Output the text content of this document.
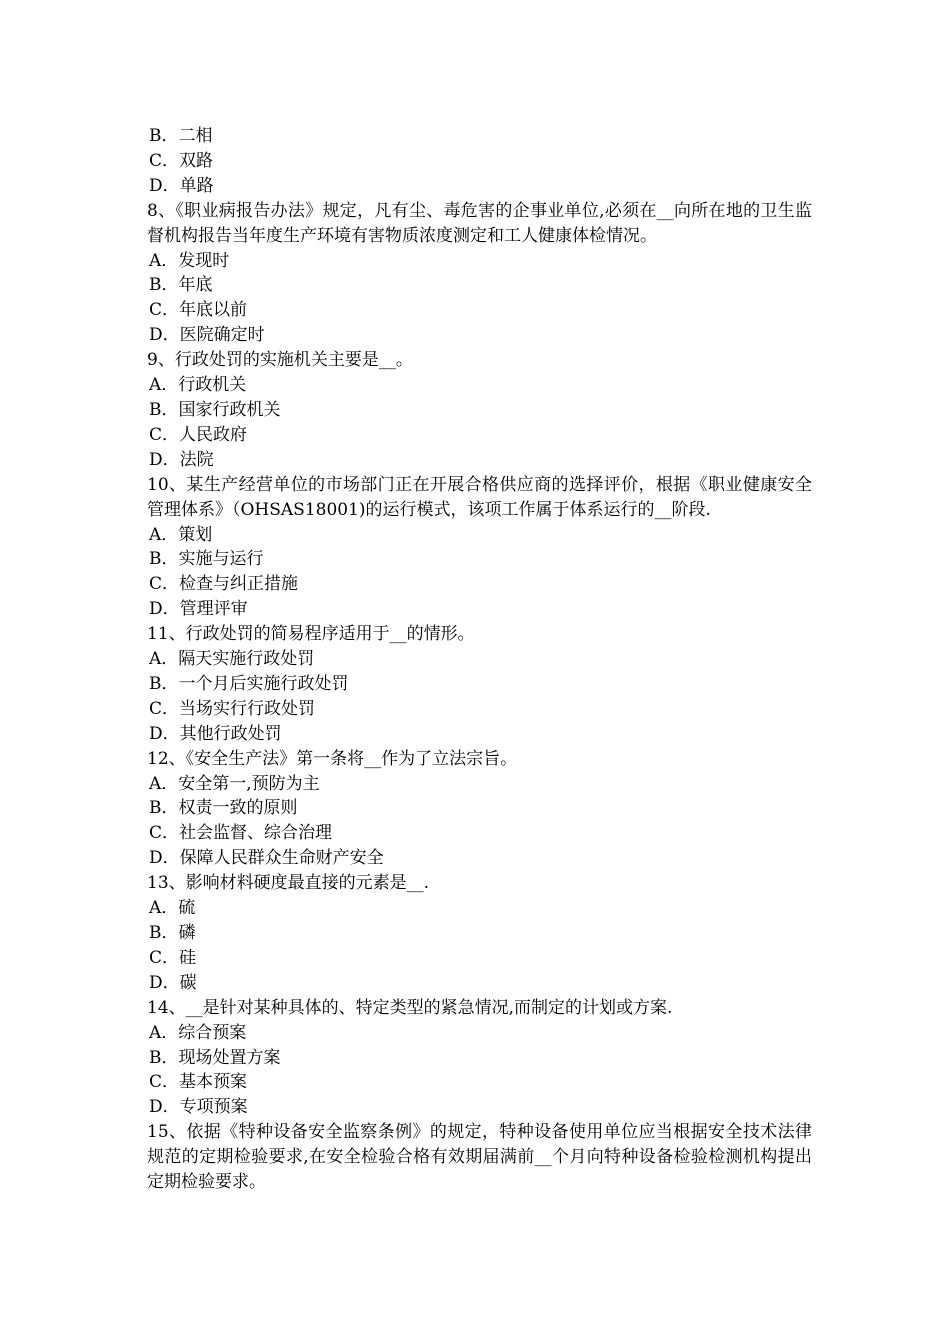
B．二相

C．双路

D．单路

8、《职业病报告办法》规定，凡有尘、毒危害的企事业单位,必须在__向所在地的卫生监督机构报告当年度生产环境有害物质浓度测定和工人健康体检情况。

A．发现时

B．年底

C．年底以前

D．医院确定时

9、行政处罚的实施机关主要是__。

A．行政机关

B．国家行政机关

C．人民政府

D．法院

10、某生产经营单位的市场部门正在开展合格供应商的选择评价，根据《职业健康安全管理体系》（OHSAS18001)的运行模式，该项工作属于体系运行的__阶段.

A．策划

B．实施与运行

C．检查与纠正措施

D．管理评审

11、行政处罚的简易程序适用于__的情形。

A．隔天实施行政处罚

B．一个月后实施行政处罚

C．当场实行行政处罚

D．其他行政处罚

12、《安全生产法》第一条将__作为了立法宗旨。

A．安全第一,预防为主

B．权责一致的原则

C．社会监督、综合治理

D．保障人民群众生命财产安全

13、影响材料硬度最直接的元素是__.

A．硫

B．磷

C．硅

D．碳

14、__是针对某种具体的、特定类型的紧急情况,而制定的计划或方案.

A．综合预案

B．现场处置方案

C．基本预案

D．专项预案

15、依据《特种设备安全监察条例》的规定，特种设备使用单位应当根据安全技术法律规范的定期检验要求,在安全检验合格有效期届满前__个月向特种设备检验检测机构提出定期检验要求。
